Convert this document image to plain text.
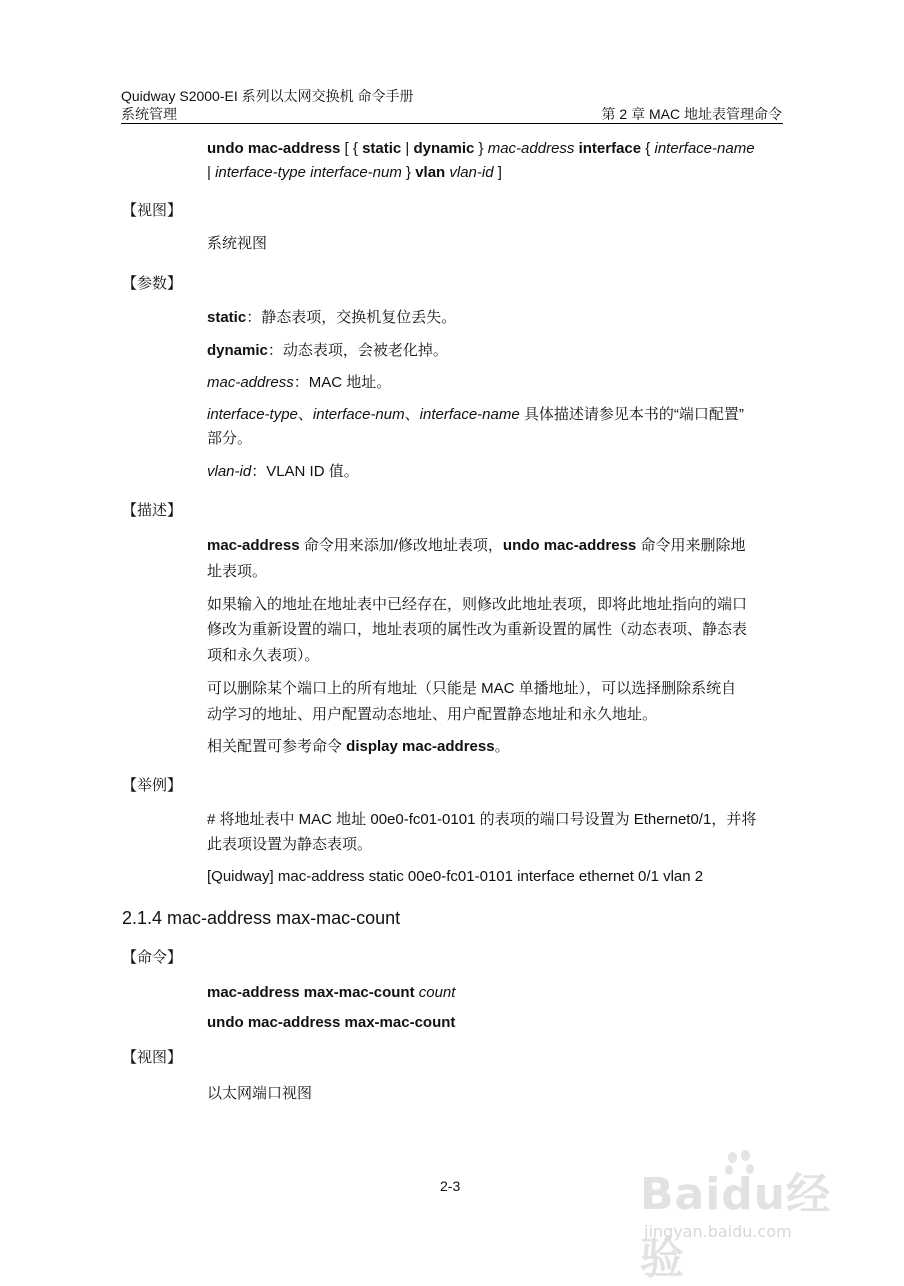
Quidway S2000-EI 系列以太网交换机 命令手册
系统管理	第 2 章 MAC 地址表管理命令
undo mac-address [ { static | dynamic } mac-address interface { interface-name
| interface-type interface-num } vlan vlan-id ]
【视图】
系统视图
【参数】
static：静态表项，交换机复位丢失。
dynamic：动态表项，会被老化掉。
mac-address：MAC 地址。
interface-type、interface-num、interface-name 具体描述请参见本书的“端口配置”
部分。
vlan-id：VLAN ID 值。
【描述】
mac-address 命令用来添加/修改地址表项，undo mac-address 命令用来删除地
址表项。
如果输入的地址在地址表中已经存在，则修改此地址表项，即将此地址指向的端口
修改为重新设置的端口，地址表项的属性改为重新设置的属性（动态表项、静态表
项和永久表项）。
可以删除某个端口上的所有地址（只能是 MAC 单播地址），可以选择删除系统自
动学习的地址、用户配置动态地址、用户配置静态地址和永久地址。
相关配置可参考命令 display mac-address。
【举例】
# 将地址表中 MAC 地址 00e0-fc01-0101 的表项的端口号设置为 Ethernet0/1，并将
此表项设置为静态表项。
[Quidway] mac-address static 00e0-fc01-0101 interface ethernet 0/1 vlan 2
2.1.4 mac-address max-mac-count
【命令】
mac-address max-mac-count count
undo mac-address max-mac-count
【视图】
以太网端口视图
2-3	Baidu经验
jingyan.baidu.com
